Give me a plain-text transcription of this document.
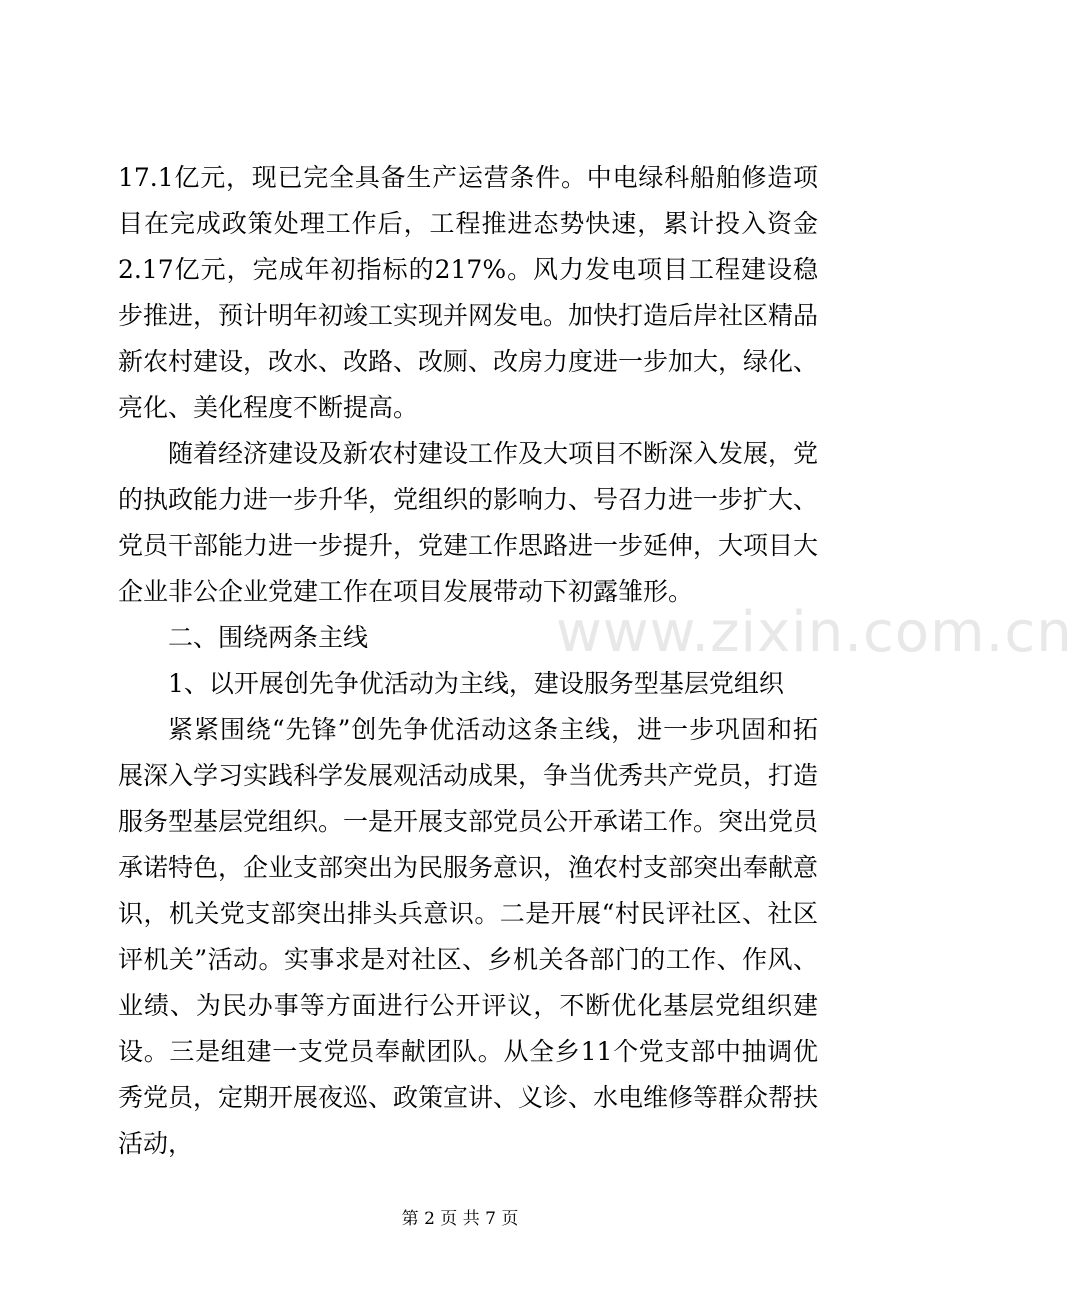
17.1亿元，现已完全具备生产运营条件。中电绿科船舶修造项目在完成政策处理工作后，工程推进态势快速，累计投入资金2.17亿元，完成年初指标的217%。风力发电项目工程建设稳步推进，预计明年初竣工实现并网发电。加快打造后岸社区精品新农村建设，改水、改路、改厕、改房力度进一步加大，绿化、亮化、美化程度不断提高。

随着经济建设及新农村建设工作及大项目不断深入发展，党的执政能力进一步升华，党组织的影响力、号召力进一步扩大、党员干部能力进一步提升，党建工作思路进一步延伸，大项目大企业非公企业党建工作在项目发展带动下初露雏形。

二、围绕两条主线

1、以开展创先争优活动为主线，建设服务型基层党组织

紧紧围绕“先锋”创先争优活动这条主线，进一步巩固和拓展深入学习实践科学发展观活动成果，争当优秀共产党员，打造服务型基层党组织。一是开展支部党员公开承诺工作。突出党员承诺特色，企业支部突出为民服务意识，渔农村支部突出奉献意识，机关党支部突出排头兵意识。二是开展“村民评社区、社区评机关”活动。实事求是对社区、乡机关各部门的工作、作风、业绩、为民办事等方面进行公开评议，不断优化基层党组织建设。三是组建一支党员奉献团队。从全乡11个党支部中抽调优秀党员，定期开展夜巡、政策宣讲、义诊、水电维修等群众帮扶活动，

www.zixin.com.cn
第 2 页 共 7 页
